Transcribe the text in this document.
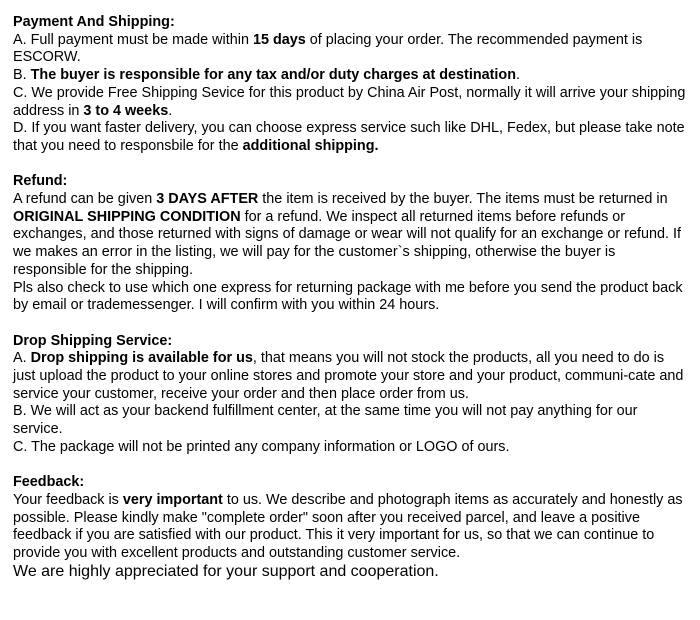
Payment And Shipping:
A. Full payment must be made within 15 days of placing your order. The recommended payment is ESCORW.
B. The buyer is responsible for any tax and/or duty charges at destination.
C. We provide Free Shipping Sevice for this product by China Air Post, normally it will arrive your shipping address in 3 to 4 weeks.
D. If you want faster delivery, you can choose express service such like DHL, Fedex, but please take note that you need to responsbile for the additional shipping.
Refund:
A refund can be given 3 DAYS AFTER the item is received by the buyer. The items must be returned in ORIGINAL SHIPPING CONDITION for a refund. We inspect all returned items before refunds or exchanges, and those returned with signs of damage or wear will not qualify for an exchange or refund. If we makes an error in the listing, we will pay for the customer`s shipping, otherwise the buyer is responsible for the shipping.
Pls also check to use which one express for returning package with me before you send the product back by email or trademessenger. I will confirm with you within 24 hours.
Drop Shipping Service:
A. Drop shipping is available for us, that means you will not stock the products, all you need to do is just upload the product to your online stores and promote your store and your product, communi-cate and service your customer, receive your order and then place order from us.
B. We will act as your backend fulfillment center, at the same time you will not pay anything for our service.
C. The package will not be printed any company information or LOGO of ours.
Feedback:
Your feedback is very important to us. We describe and photograph items as accurately and honestly as possible. Please kindly make "complete order" soon after you received parcel, and leave a positive feedback if you are satisfied with our product. This it very important for us, so that we can continue to provide you with excellent products and outstanding customer service.
We are highly appreciated for your support and cooperation.
